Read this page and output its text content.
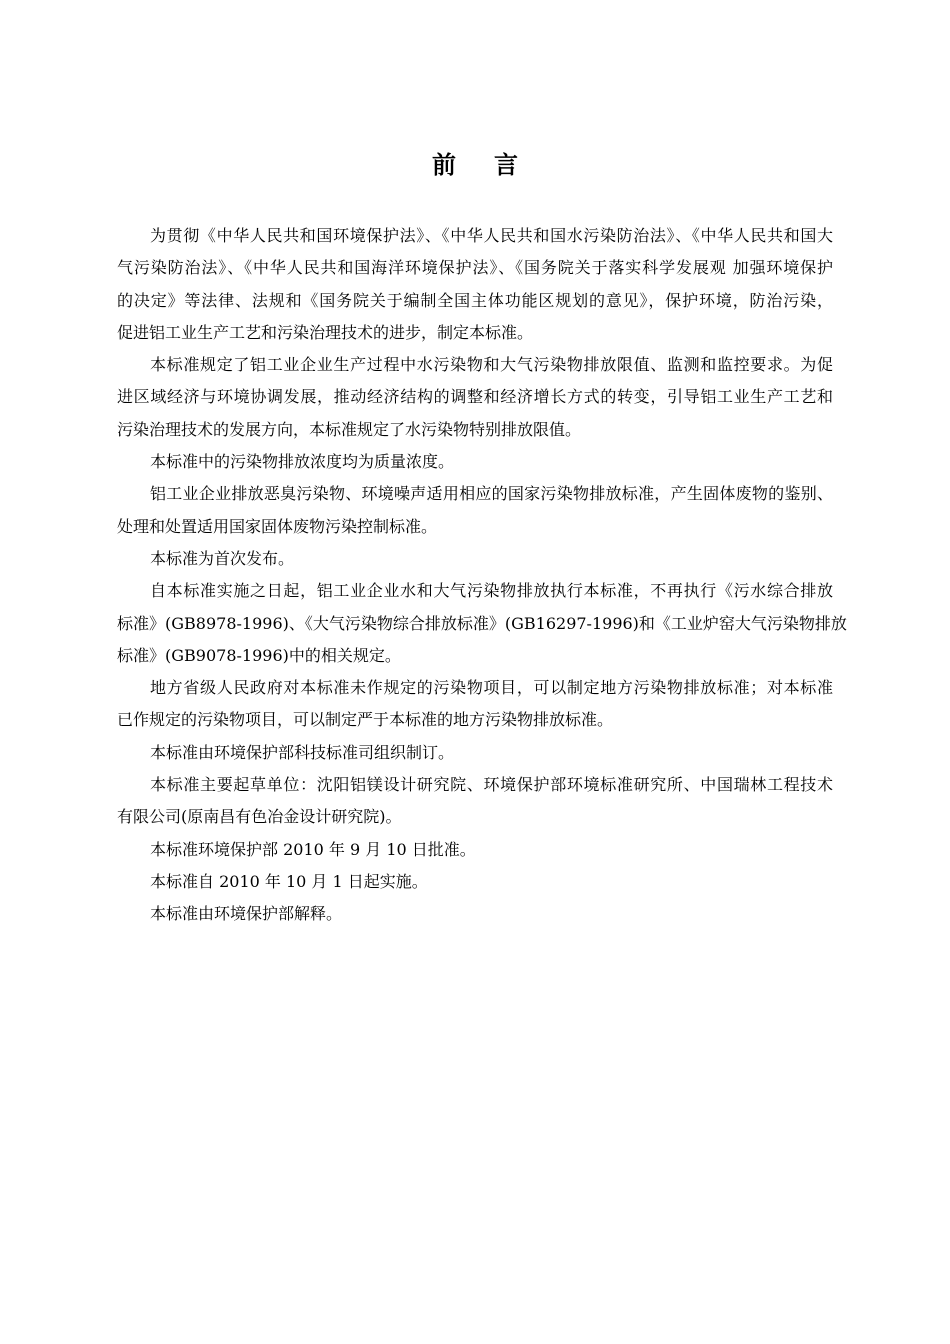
前言
为贯彻《中华人民共和国环境保护法》、《中华人民共和国水污染防治法》、《中华人民共和国大
气污染防治法》、《中华人民共和国海洋环境保护法》、《国务院关于落实科学发展观 加强环境保护
的决定》等法律、法规和《国务院关于编制全国主体功能区规划的意见》，保护环境，防治污染，
促进铝工业生产工艺和污染治理技术的进步，制定本标准。
本标准规定了铝工业企业生产过程中水污染物和大气污染物排放限值、监测和监控要求。为促
进区域经济与环境协调发展，推动经济结构的调整和经济增长方式的转变，引导铝工业生产工艺和
污染治理技术的发展方向，本标准规定了水污染物特别排放限值。
本标准中的污染物排放浓度均为质量浓度。
铝工业企业排放恶臭污染物、环境噪声适用相应的国家污染物排放标准，产生固体废物的鉴别、
处理和处置适用国家固体废物污染控制标准。
本标准为首次发布。
自本标准实施之日起，铝工业企业水和大气污染物排放执行本标准，不再执行《污水综合排放
标准》(GB8978-1996)、《大气污染物综合排放标准》(GB16297-1996)和《工业炉窑大气污染物排放
标准》(GB9078-1996)中的相关规定。
地方省级人民政府对本标准未作规定的污染物项目，可以制定地方污染物排放标准；对本标准
已作规定的污染物项目，可以制定严于本标准的地方污染物排放标准。
本标准由环境保护部科技标准司组织制订。
本标准主要起草单位：沈阳铝镁设计研究院、环境保护部环境标准研究所、中国瑞林工程技术
有限公司(原南昌有色冶金设计研究院)。
本标准环境保护部 2010 年 9 月 10 日批准。
本标准自 2010 年 10 月 1 日起实施。
本标准由环境保护部解释。
